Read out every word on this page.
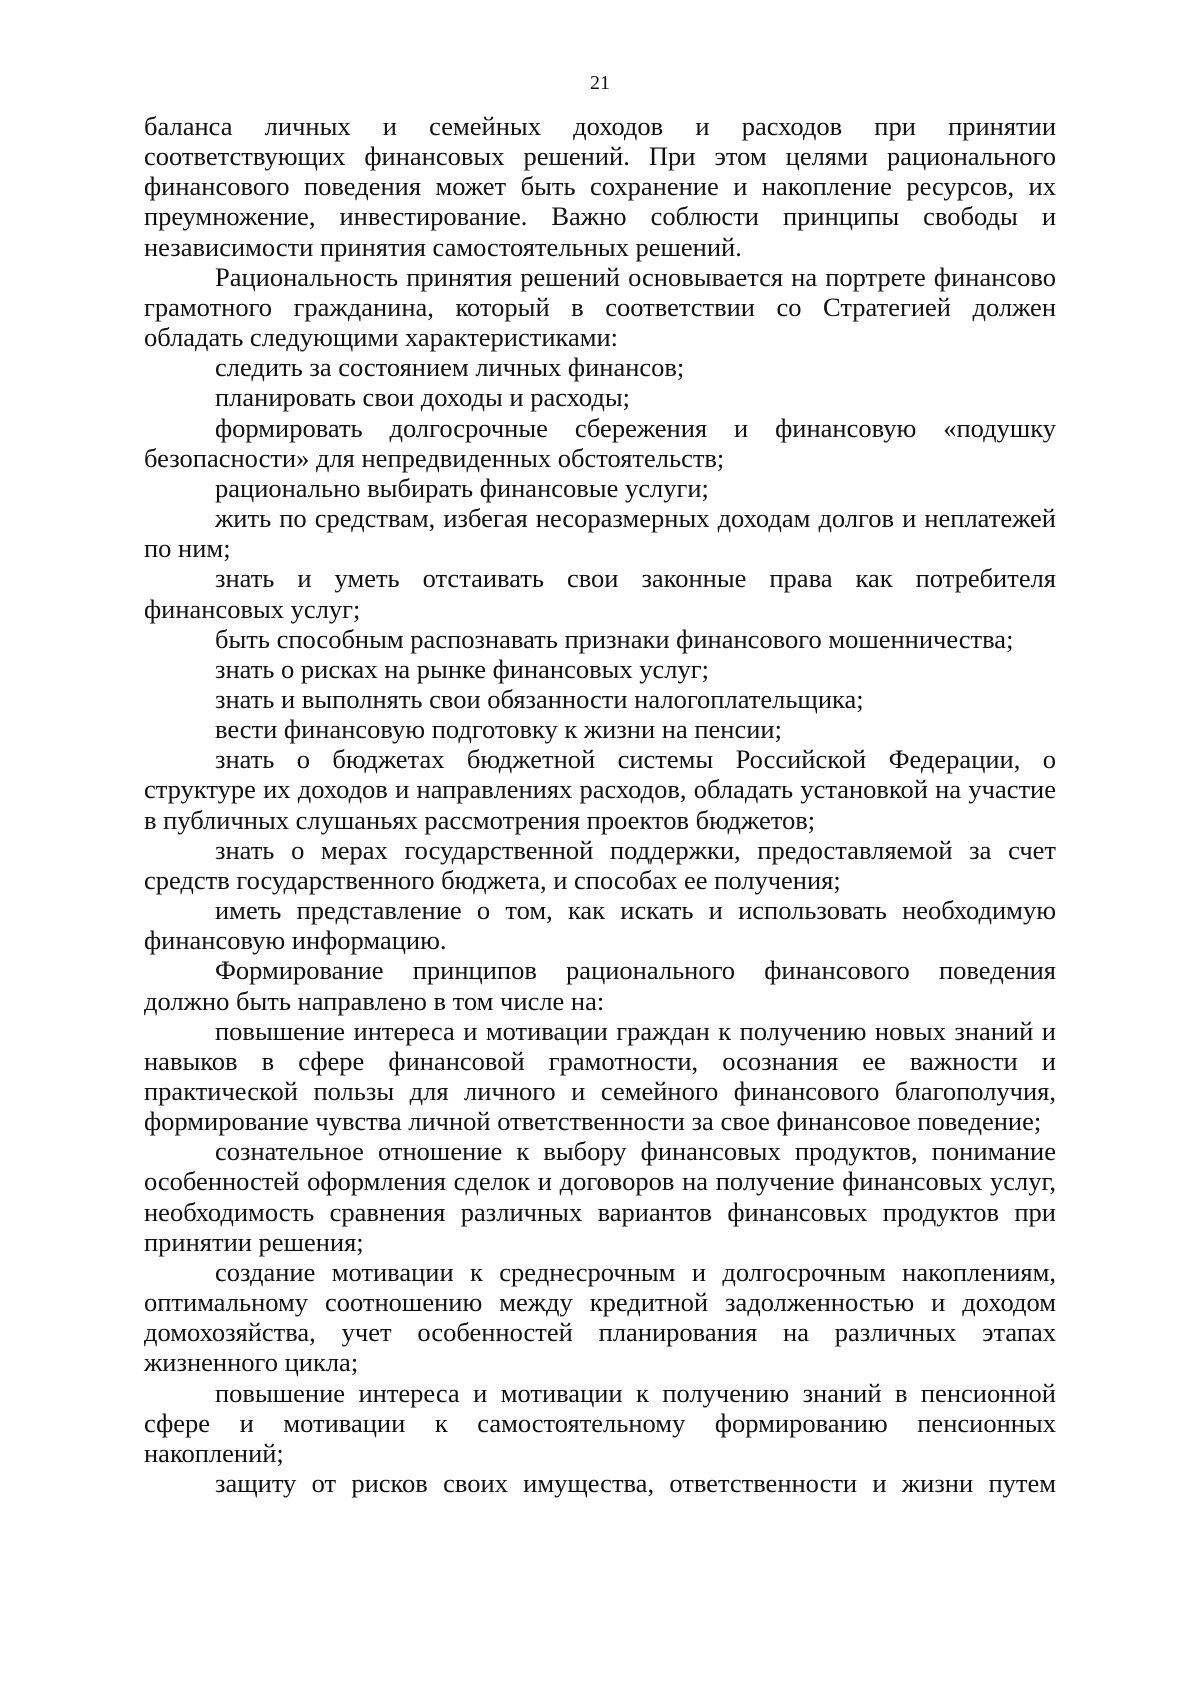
21

баланса личных и семейных доходов и расходов при принятии соответствующих финансовых решений. При этом целями рационального финансового поведения может быть сохранение и накопление ресурсов, их преумножение, инвестирование. Важно соблюсти принципы свободы и независимости принятия самостоятельных решений.

Рациональность принятия решений основывается на портрете финансово грамотного гражданина, который в соответствии со Стратегией должен обладать следующими характеристиками:

следить за состоянием личных финансов;

планировать свои доходы и расходы;

формировать долгосрочные сбережения и финансовую «подушку безопасности» для непредвиденных обстоятельств;

рационально выбирать финансовые услуги;

жить по средствам, избегая несоразмерных доходам долгов и неплатежей по ним;

знать и уметь отстаивать свои законные права как потребителя финансовых услуг;

быть способным распознавать признаки финансового мошенничества;

знать о рисках на рынке финансовых услуг;

знать и выполнять свои обязанности налогоплательщика;

вести финансовую подготовку к жизни на пенсии;

знать о бюджетах бюджетной системы Российской Федерации, о структуре их доходов и направлениях расходов, обладать установкой на участие в публичных слушаньях рассмотрения проектов бюджетов;

знать о мерах государственной поддержки, предоставляемой за счет средств государственного бюджета, и способах ее получения;

иметь представление о том, как искать и использовать необходимую финансовую информацию.

Формирование принципов рационального финансового поведения должно быть направлено в том числе на:

повышение интереса и мотивации граждан к получению новых знаний и навыков в сфере финансовой грамотности, осознания ее важности и практической пользы для личного и семейного финансового благополучия, формирование чувства личной ответственности за свое финансовое поведение;

сознательное отношение к выбору финансовых продуктов, понимание особенностей оформления сделок и договоров на получение финансовых услуг, необходимость сравнения различных вариантов финансовых продуктов при принятии решения;

создание мотивации к среднесрочным и долгосрочным накоплениям, оптимальному соотношению между кредитной задолженностью и доходом домохозяйства, учет особенностей планирования на различных этапах жизненного цикла;

повышение интереса и мотивации к получению знаний в пенсионной сфере и мотивации к самостоятельному формированию пенсионных накоплений;

защиту от рисков своих имущества, ответственности и жизни путем
